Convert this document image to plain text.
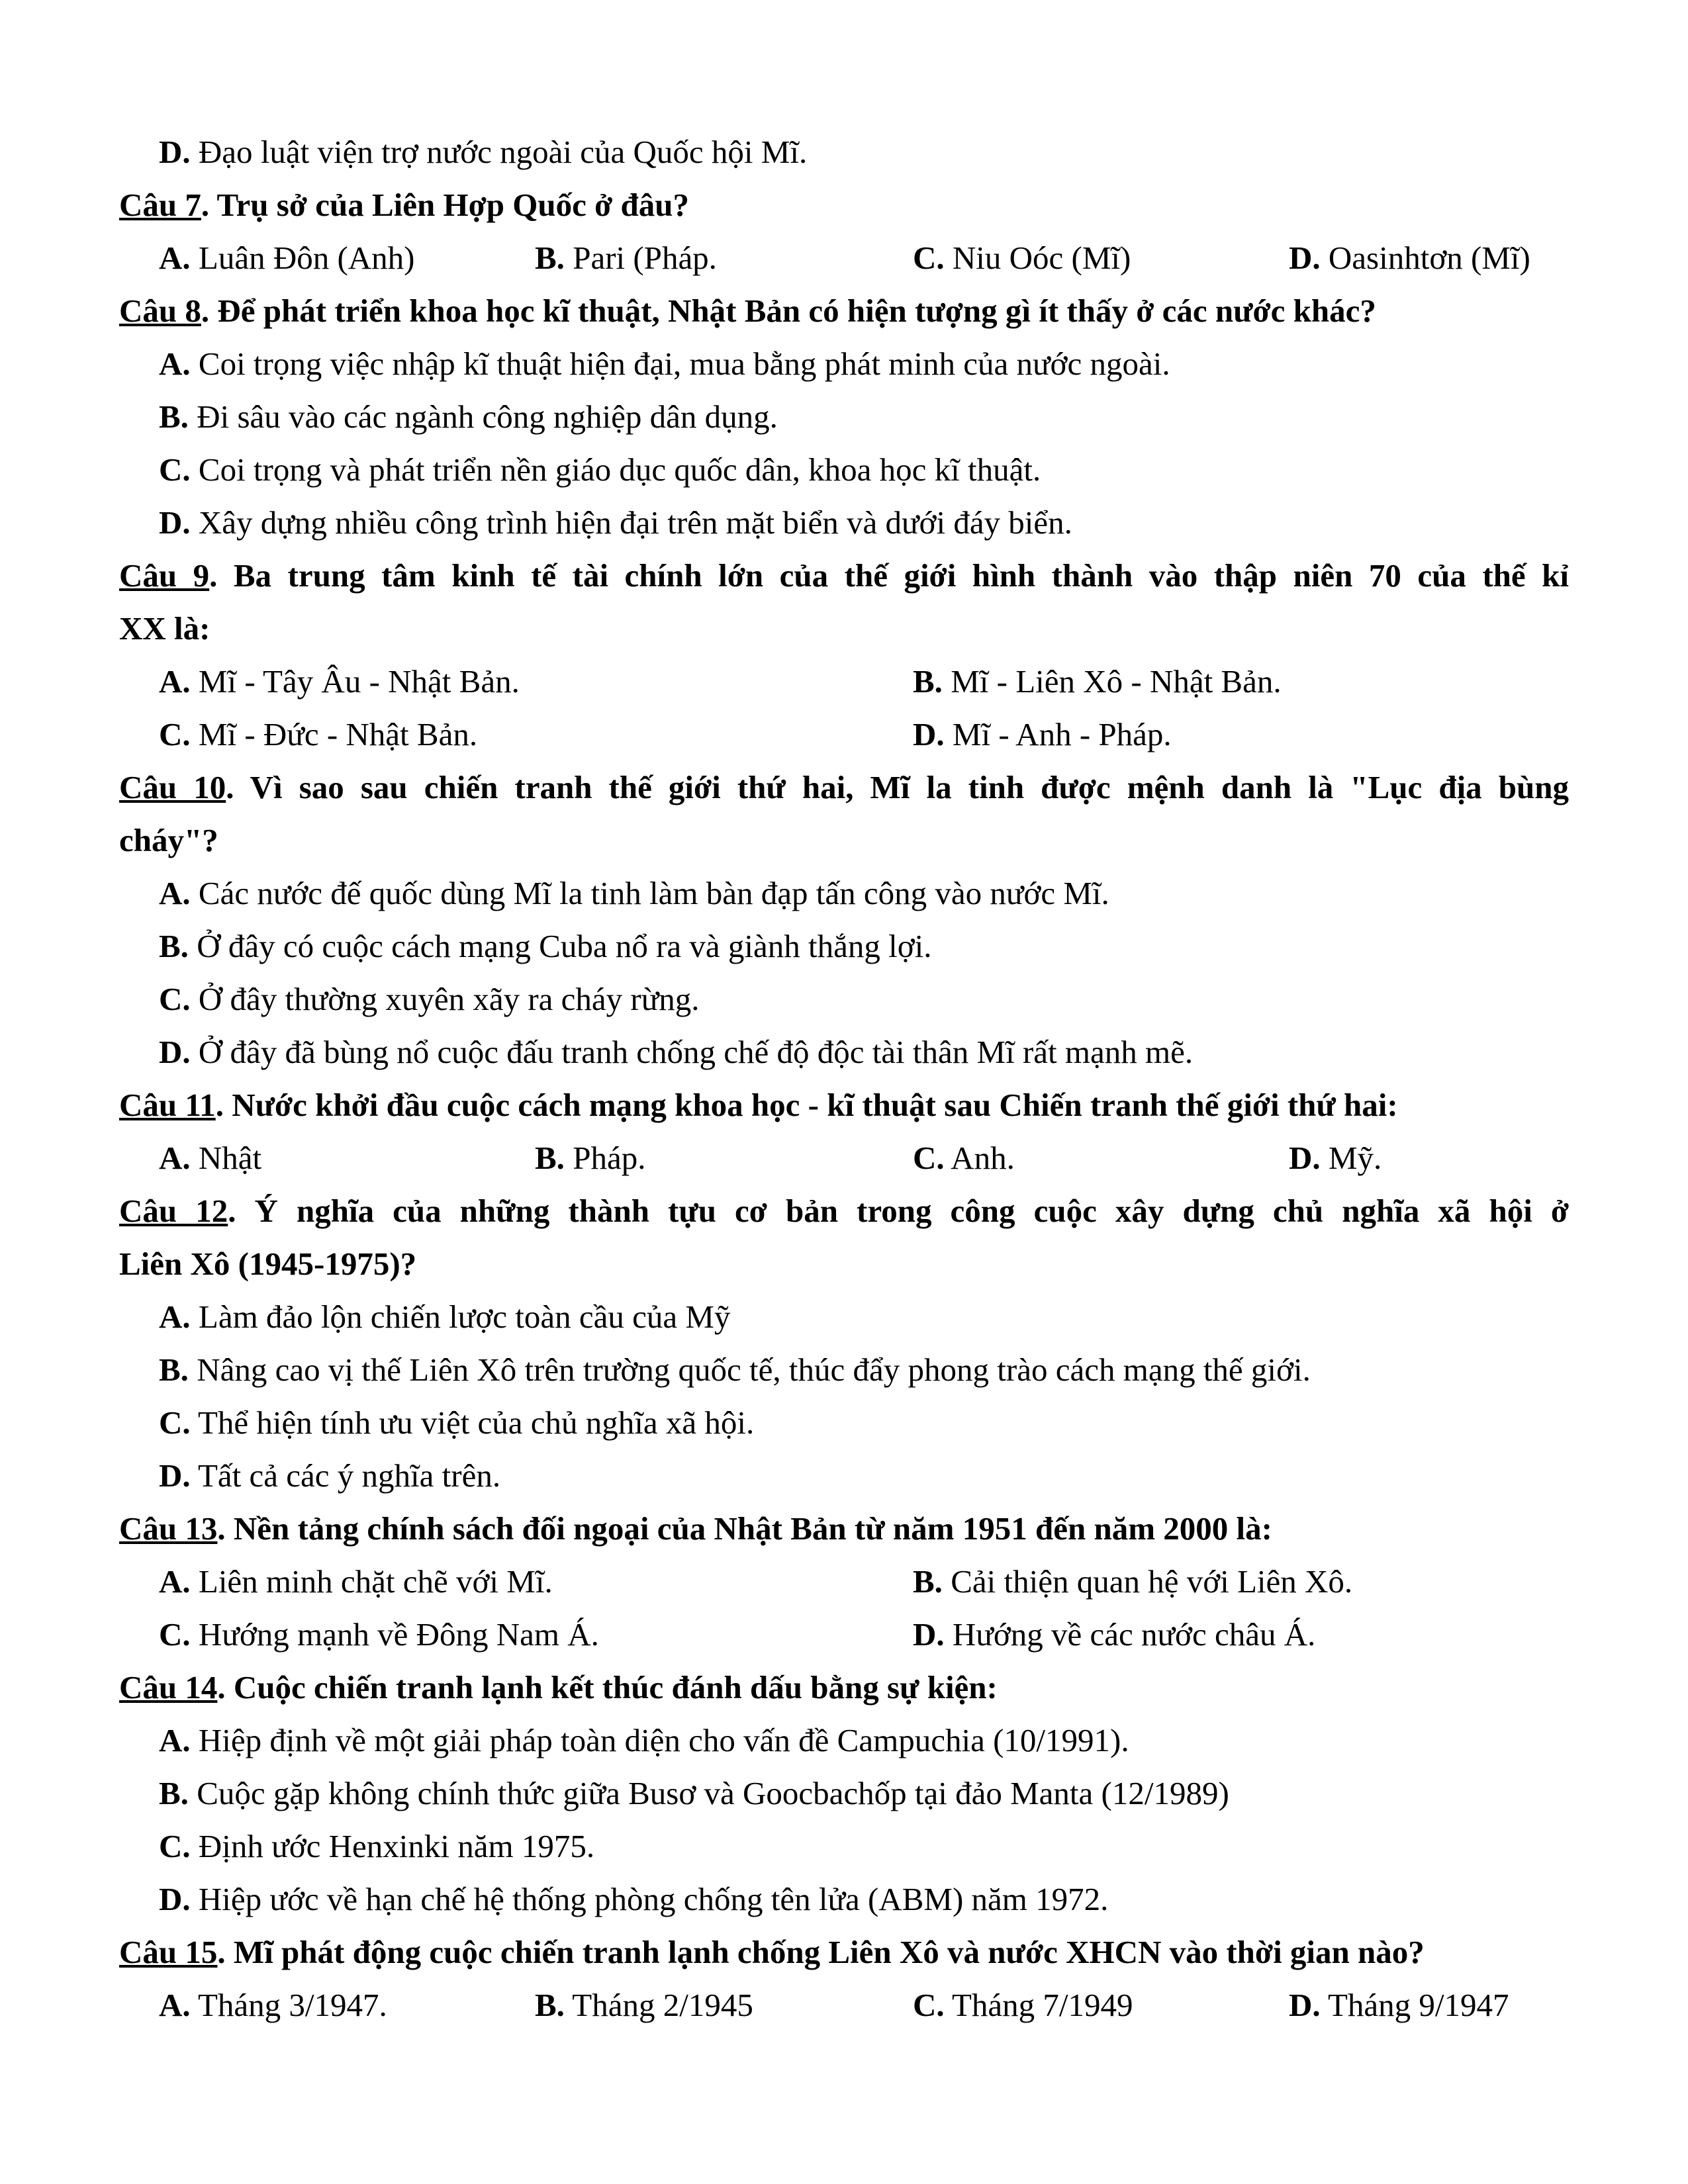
D. Đạo luật viện trợ nước ngoài của Quốc hội Mĩ.
Câu 7. Trụ sở của Liên Hợp Quốc ở đâu?
A. Luân Đôn (Anh)	B. Pari (Pháp.	C. Niu Oóc (Mĩ)	D. Oasinhtơn (Mĩ)
Câu 8. Để phát triển khoa học kĩ thuật, Nhật Bản có hiện tượng gì ít thấy ở các nước khác?
A. Coi trọng việc nhập kĩ thuật hiện đại, mua bằng phát minh của nước ngoài.
B. Đi sâu vào các ngành công nghiệp dân dụng.
C. Coi trọng và phát triển nền giáo dục quốc dân, khoa học kĩ thuật.
D. Xây dựng nhiều công trình hiện đại trên mặt biển và dưới đáy biển.
Câu 9. Ba trung tâm kinh tế tài chính lớn của thế giới hình thành vào thập niên 70 của thế kỉ
XX là:
A. Mĩ - Tây Âu - Nhật Bản.	B. Mĩ - Liên Xô - Nhật Bản.
C. Mĩ - Đức - Nhật Bản.	D. Mĩ - Anh - Pháp.
Câu 10. Vì sao sau chiến tranh thế giới thứ hai, Mĩ la tinh được mệnh danh là "Lục địa bùng
cháy"?
A. Các nước đế quốc dùng Mĩ la tinh làm bàn đạp tấn công vào nước Mĩ.
B. Ở đây có cuộc cách mạng Cuba nổ ra và giành thắng lợi.
C. Ở đây thường xuyên xãy ra cháy rừng.
D. Ở đây đã bùng nổ cuộc đấu tranh chống chế độ độc tài thân Mĩ rất mạnh mẽ.
Câu 11. Nước khởi đầu cuộc cách mạng khoa học - kĩ thuật sau Chiến tranh thế giới thứ hai:
A. Nhật	B. Pháp.	C. Anh.	D. Mỹ.
Câu 12. Ý nghĩa của những thành tựu cơ bản trong công cuộc xây dựng chủ nghĩa xã hội ở
Liên Xô (1945-1975)?
A. Làm đảo lộn chiến lược toàn cầu của Mỹ
B. Nâng cao vị thế Liên Xô trên trường quốc tế, thúc đẩy phong trào cách mạng thế giới.
C. Thể hiện tính ưu việt của chủ nghĩa xã hội.
D. Tất cả các ý nghĩa trên.
Câu 13. Nền tảng chính sách đối ngoại của Nhật Bản từ năm 1951 đến năm 2000 là:
A. Liên minh chặt chẽ với Mĩ.	B. Cải thiện quan hệ với Liên Xô.
C. Hướng mạnh về Đông Nam Á.	D. Hướng về các nước châu Á.
Câu 14. Cuộc chiến tranh lạnh kết thúc đánh dấu bằng sự kiện:
A. Hiệp định về một giải pháp toàn diện cho vấn đề Campuchia (10/1991).
B. Cuộc gặp không chính thức giữa Busơ và Goocbachốp tại đảo Manta (12/1989)
C. Định ước Henxinki năm 1975.
D. Hiệp ước về hạn chế hệ thống phòng chống tên lửa (ABM) năm 1972.
Câu 15. Mĩ phát động cuộc chiến tranh lạnh chống Liên Xô và nước XHCN vào thời gian nào?
A. Tháng 3/1947.	B. Tháng 2/1945	C. Tháng 7/1949	D. Tháng 9/1947
